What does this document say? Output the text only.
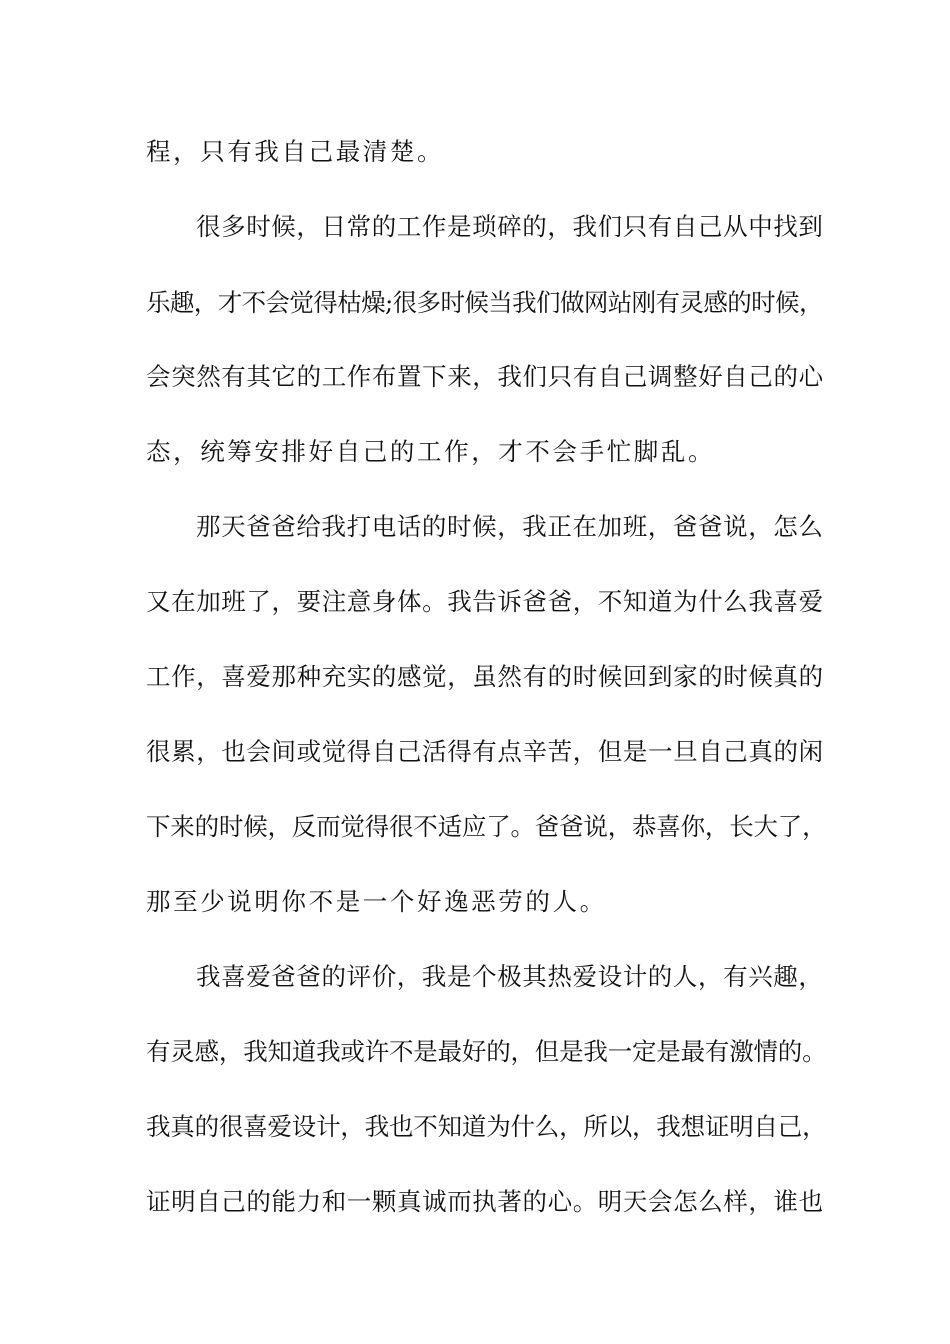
程，只有我自己最清楚。
很多时候，日常的工作是琐碎的，我们只有自己从中找到
乐趣，才不会觉得枯燥;很多时候当我们做网站刚有灵感的时候，
会突然有其它的工作布置下来，我们只有自己调整好自己的心
态，统筹安排好自己的工作，才不会手忙脚乱。
那天爸爸给我打电话的时候，我正在加班，爸爸说，怎么
又在加班了，要注意身体。我告诉爸爸，不知道为什么我喜爱
工作，喜爱那种充实的感觉，虽然有的时候回到家的时候真的
很累，也会间或觉得自己活得有点辛苦，但是一旦自己真的闲
下来的时候，反而觉得很不适应了。爸爸说，恭喜你，长大了，
那至少说明你不是一个好逸恶劳的人。
我喜爱爸爸的评价，我是个极其热爱设计的人，有兴趣，
有灵感，我知道我或许不是最好的，但是我一定是最有激情的。
我真的很喜爱设计，我也不知道为什么，所以，我想证明自己，
证明自己的能力和一颗真诚而执著的心。明天会怎么样，谁也
